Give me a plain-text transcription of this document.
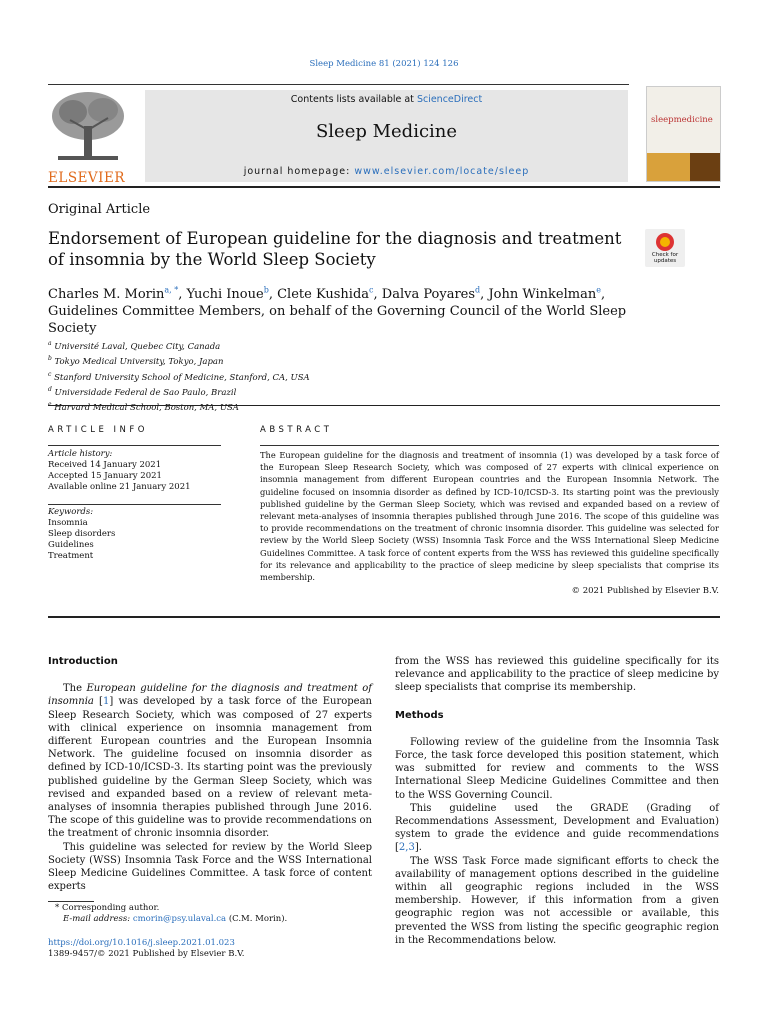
Sleep Medicine 81 (2021) 124 126
ELSEVIER
Contents lists available at ScienceDirect
Sleep Medicine
journal homepage: www.elsevier.com/locate/sleep
sleepmedicine
Original Article
Endorsement of European guideline for the diagnosis and treatment of insomnia by the World Sleep Society	Check for updates
Charles M. Morin$^{a, *}$, Yuchi Inoue$^b$, Clete Kushida$^c$, Dalva Poyares$^d$, John Winkelman$^e$, Guidelines Committee Members, on behalf of the Governing Council of the World Sleep Society
$^a$ Université Laval, Quebec City, Canada
$^b$ Tokyo Medical University, Tokyo, Japan
$^c$ Stanford University School of Medicine, Stanford, CA, USA
$^d$ Universidade Federal de Sao Paulo, Brazil
$^e$ Harvard Medical School, Boston, MA, USA
ARTICLE INFO
Article history:
Received 14 January 2021
Accepted 15 January 2021
Available online 21 January 2021
Keywords:
Insomnia
Sleep disorders
Guidelines
Treatment
ABSTRACT
The European guideline for the diagnosis and treatment of insomnia (1) was developed by a task force of the European Sleep Research Society, which was composed of 27 experts with clinical experience on insomnia management from different European countries and the European Insomnia Network. The guideline focused on insomnia disorder as defined by ICD-10/ICSD-3. Its starting point was the previously published guideline by the German Sleep Society, which was revised and expanded based on a review of relevant meta-analyses of insomnia therapies published through June 2016. The scope of this guideline was to provide recommendations on the treatment of chronic insomnia disorder. This guideline was selected for review by the World Sleep Society (WSS) Insomnia Task Force and the WSS International Sleep Medicine Guidelines Committee. A task force of content experts from the WSS has reviewed this guideline specifically for its relevance and applicability to the practice of sleep medicine by sleep specialists that comprise its membership.
© 2021 Published by Elsevier B.V.
Introduction

The European guideline for the diagnosis and treatment of insomnia [1] was developed by a task force of the European Sleep Research Society, which was composed of 27 experts with clinical experience on insomnia management from different European countries and the European Insomnia Network. The guideline focused on insomnia disorder as defined by ICD-10/ICSD-3. Its starting point was the previously published guideline by the German Sleep Society, which was revised and expanded based on a review of relevant meta-analyses of insomnia therapies published through June 2016. The scope of this guideline was to provide recommendations on the treatment of chronic insomnia disorder.

This guideline was selected for review by the World Sleep Society (WSS) Insomnia Task Force and the WSS International Sleep Medicine Guidelines Committee. A task force of content experts

from the WSS has reviewed this guideline specifically for its relevance and applicability to the practice of sleep medicine by sleep specialists that comprise its membership.

Methods

Following review of the guideline from the Insomnia Task Force, the task force developed this position statement, which was submitted for review and comments to the WSS International Sleep Medicine Guidelines Committee and then to the WSS Governing Council.

This guideline used the GRADE (Grading of Recommendations Assessment, Development and Evaluation) system to grade the evidence and guide recommendations [2,3].

The WSS Task Force made significant efforts to check the availability of management options described in the guideline within all geographic regions included in the WSS membership. However, if this information from a given geographic region was not accessible or available, this prevented the WSS from listing the specific geographic region in the Recommendations below.

* Corresponding author.
E-mail address: cmorin@psy.ulaval.ca (C.M. Morin).
https://doi.org/10.1016/j.sleep.2021.01.023
1389-9457/© 2021 Published by Elsevier B.V.
